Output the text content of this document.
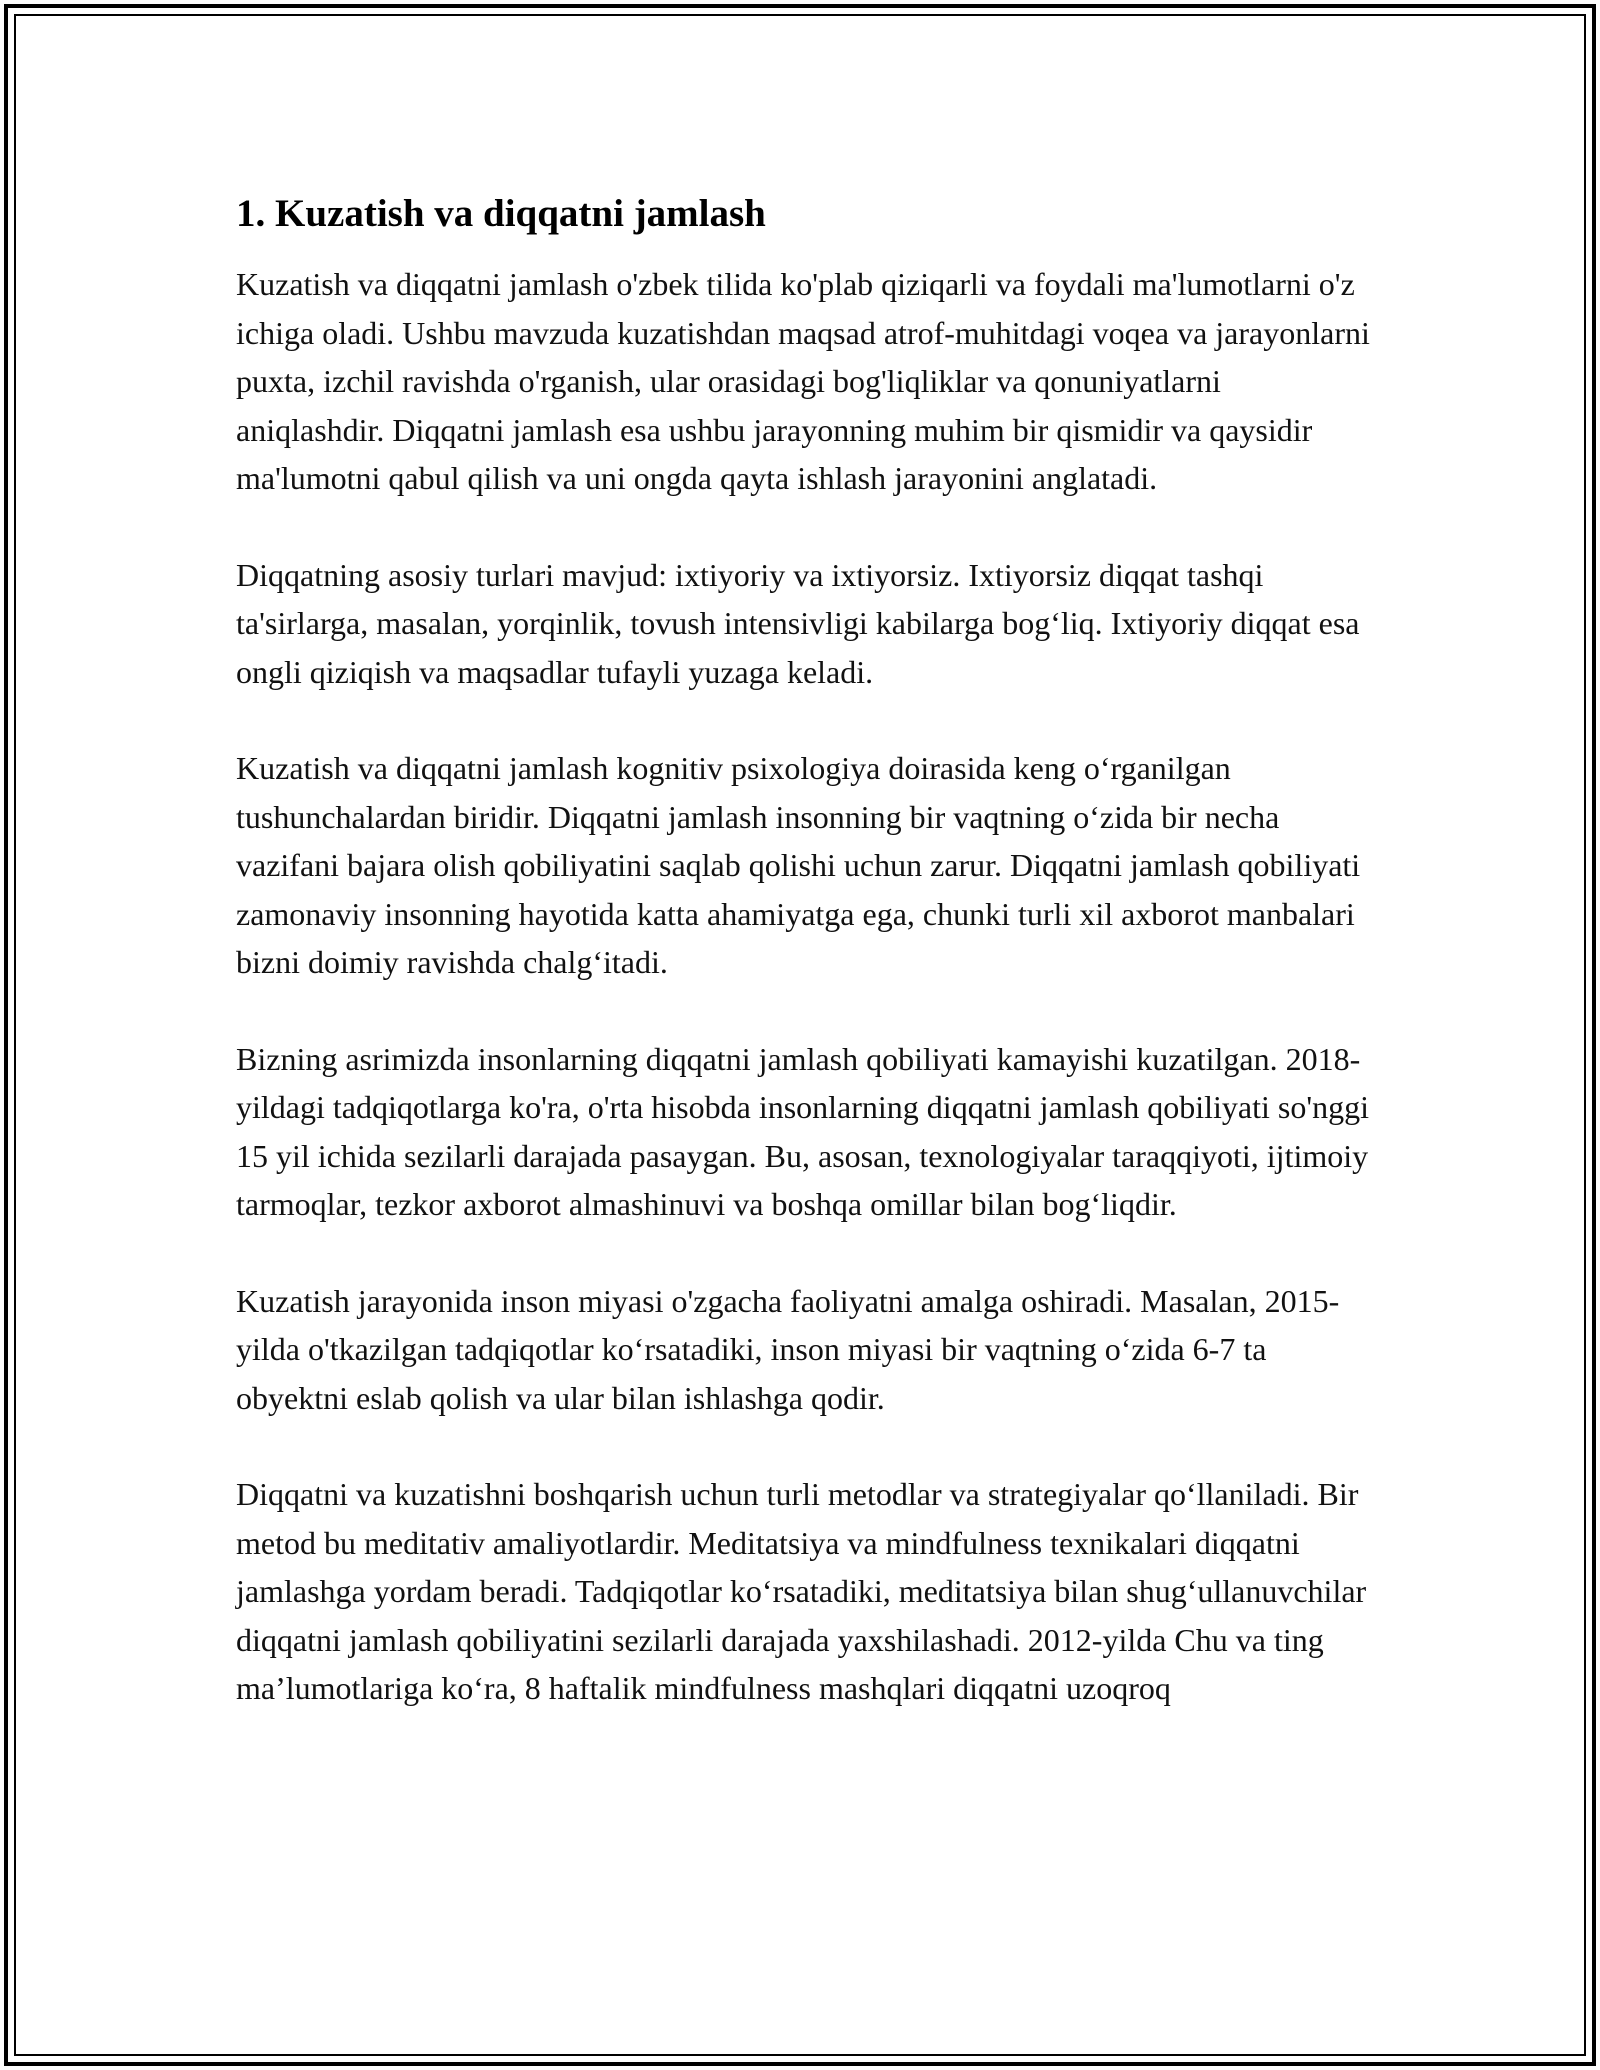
1. Kuzatish va diqqatni jamlash

Kuzatish va diqqatni jamlash o'zbek tilida ko'plab qiziqarli va foydali ma'lumotlarni o'z ichiga oladi. Ushbu mavzuda kuzatishdan maqsad atrof-muhitdagi voqea va jarayonlarni puxta, izchil ravishda o'rganish, ular orasidagi bog'liqliklar va qonuniyatlarni aniqlashdir. Diqqatni jamlash esa ushbu jarayonning muhim bir qismidir va qaysidir ma'lumotni qabul qilish va uni ongda qayta ishlash jarayonini anglatadi.

Diqqatning asosiy turlari mavjud: ixtiyoriy va ixtiyorsiz. Ixtiyorsiz diqqat tashqi ta'sirlarga, masalan, yorqinlik, tovush intensivligi kabilarga bog‘liq. Ixtiyoriy diqqat esa ongli qiziqish va maqsadlar tufayli yuzaga keladi.

Kuzatish va diqqatni jamlash kognitiv psixologiya doirasida keng o‘rganilgan tushunchalardan biridir. Diqqatni jamlash insonning bir vaqtning o‘zida bir necha vazifani bajara olish qobiliyatini saqlab qolishi uchun zarur. Diqqatni jamlash qobiliyati zamonaviy insonning hayotida katta ahamiyatga ega, chunki turli xil axborot manbalari bizni doimiy ravishda chalg‘itadi.

Bizning asrimizda insonlarning diqqatni jamlash qobiliyati kamayishi kuzatilgan. 2018-yildagi tadqiqotlarga ko'ra, o'rta hisobda insonlarning diqqatni jamlash qobiliyati so'nggi 15 yil ichida sezilarli darajada pasaygan. Bu, asosan, texnologiyalar taraqqiyoti, ijtimoiy tarmoqlar, tezkor axborot almashinuvi va boshqa omillar bilan bog‘liqdir.

Kuzatish jarayonida inson miyasi o'zgacha faoliyatni amalga oshiradi. Masalan, 2015-yilda o'tkazilgan tadqiqotlar ko‘rsatadiki, inson miyasi bir vaqtning o‘zida 6-7 ta obyektni eslab qolish va ular bilan ishlashga qodir.

Diqqatni va kuzatishni boshqarish uchun turli metodlar va strategiyalar qo‘llaniladi. Bir metod bu meditativ amaliyotlardir. Meditatsiya va mindfulness texnikalari diqqatni jamlashga yordam beradi. Tadqiqotlar ko‘rsatadiki, meditatsiya bilan shug‘ullanuvchilar diqqatni jamlash qobiliyatini sezilarli darajada yaxshilashadi. 2012-yilda Chu va ting ma’lumotlariga ko‘ra, 8 haftalik mindfulness mashqlari diqqatni uzoqroq
